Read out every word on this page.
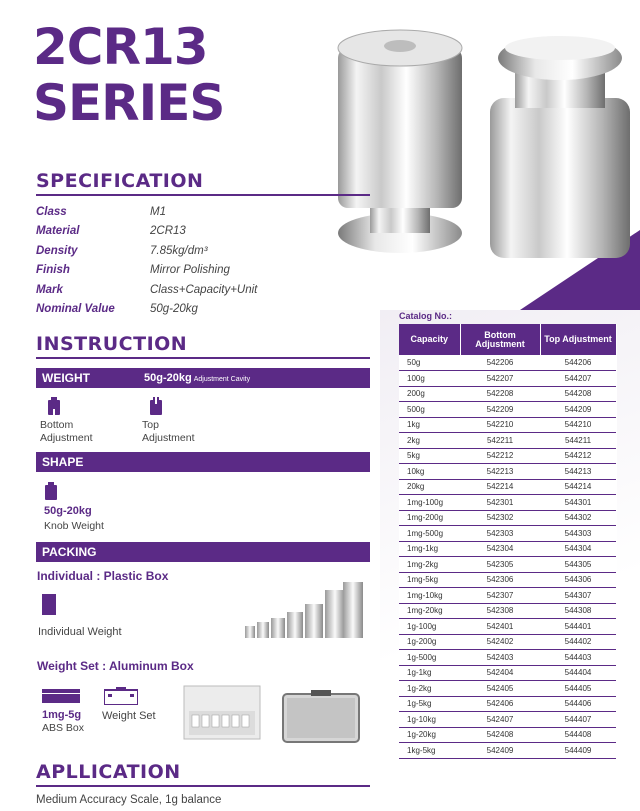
2CR13
SERIES
SPECIFICATION
Class	M1
Material	2CR13
Density	7.85kg/dm³
Finish	Mirror Polishing
Mark	Class+Capacity+Unit
Nominal Value	50g-20kg
INSTRUCTION
WEIGHT	50g-20kg Adjustment Cavity
Bottom
Adjustment
Top
Adjustment
SHAPE
50g-20kg
Knob Weight
PACKING
Individual : Plastic Box
Individual Weight
Weight Set : Aluminum Box
1mg-5g
ABS Box
Weight Set
APLLICATION
Medium Accuracy Scale, 1g balance
Catalog No.:
Capacity	Bottom Adjustment	Top Adjustment
50g	542206	544206
100g	542207	544207
200g	542208	544208
500g	542209	544209
1kg	542210	544210
2kg	542211	544211
5kg	542212	544212
10kg	542213	544213
20kg	542214	544214
1mg-100g	542301	544301
1mg-200g	542302	544302
1mg-500g	542303	544303
1mg-1kg	542304	544304
1mg-2kg	542305	544305
1mg-5kg	542306	544306
1mg-10kg	542307	544307
1mg-20kg	542308	544308
1g-100g	542401	544401
1g-200g	542402	544402
1g-500g	542403	544403
1g-1kg	542404	544404
1g-2kg	542405	544405
1g-5kg	542406	544406
1g-10kg	542407	544407
1g-20kg	542408	544408
1kg-5kg	542409	544409
